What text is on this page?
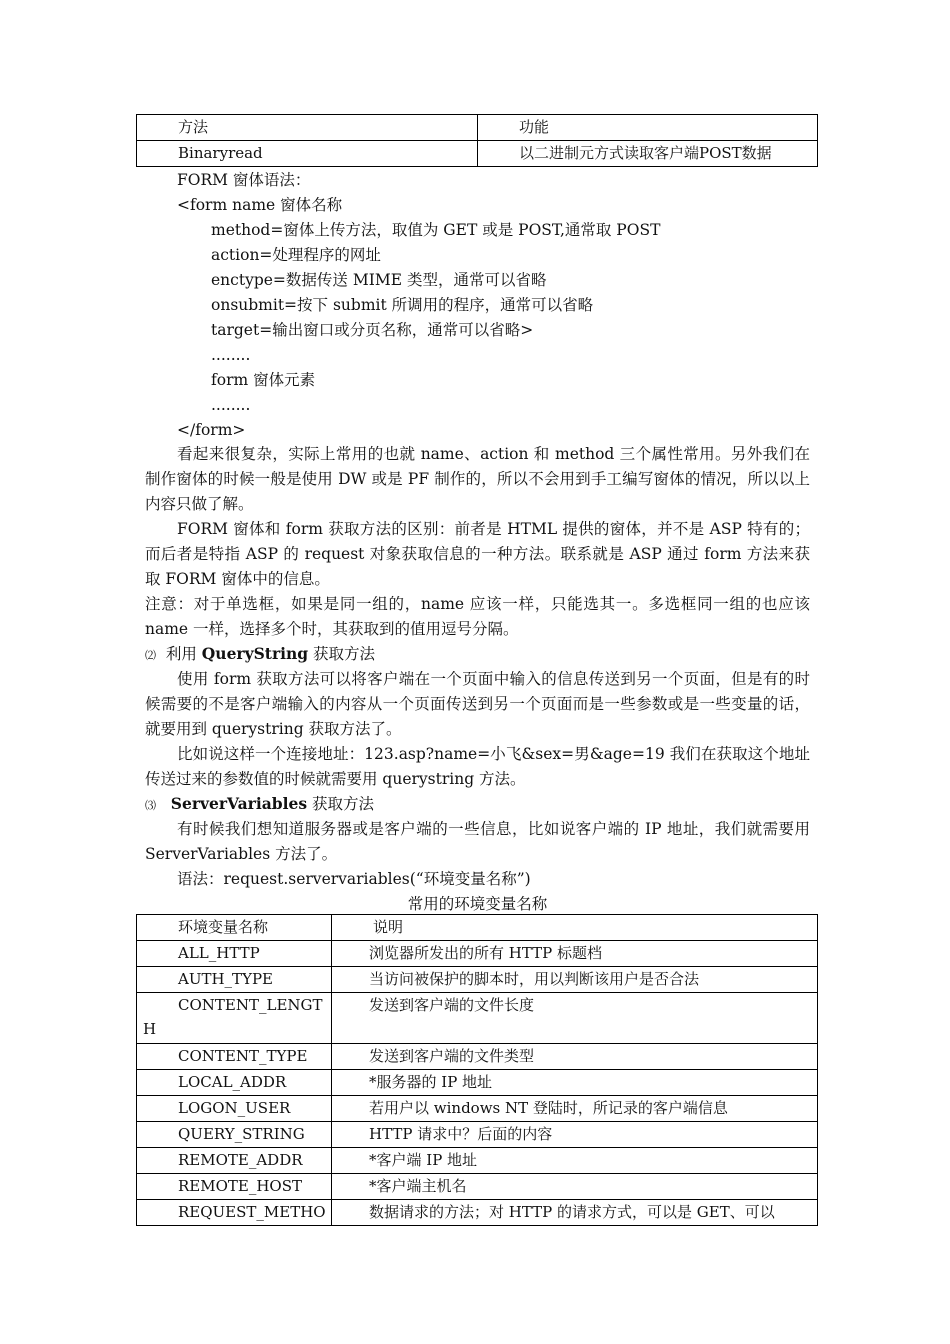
方法	功能
Binaryread	以二进制元方式读取客户端POST数据
FORM 窗体语法：
<form name 窗体名称
method=窗体上传方法，取值为 GET 或是 POST,通常取 POST
action=处理程序的网址
enctype=数据传送 MIME 类型，通常可以省略
onsubmit=按下 submit 所调用的程序，通常可以省略
target=输出窗口或分页名称，通常可以省略>
........
form 窗体元素
........
</form>
看起来很复杂，实际上常用的也就 name、action 和 method 三个属性常用。另外我们在制作窗体的时候一般是使用 DW 或是 PF 制作的，所以不会用到手工编写窗体的情况，所以以上内容只做了解。
FORM 窗体和 form 获取方法的区别：前者是 HTML 提供的窗体，并不是 ASP 特有的；而后者是特指 ASP 的 request 对象获取信息的一种方法。联系就是 ASP 通过 form 方法来获取 FORM 窗体中的信息。
注意：对于单选框，如果是同一组的，name 应该一样，只能选其一。多选框同一组的也应该 name 一样，选择多个时，其获取到的值用逗号分隔。
⑵ 利用 QueryString 获取方法
使用 form 获取方法可以将客户端在一个页面中输入的信息传送到另一个页面，但是有的时候需要的不是客户端输入的内容从一个页面传送到另一个页面而是一些参数或是一些变量的话，就要用到 querystring 获取方法了。
比如说这样一个连接地址：123.asp?name=小飞&sex=男&age=19 我们在获取这个地址传送过来的参数值的时候就需要用 querystring 方法。
⑶ ServerVariables 获取方法
有时候我们想知道服务器或是客户端的一些信息，比如说客户端的 IP 地址，我们就需要用 ServerVariables 方法了。
语法：request.servervariables(“环境变量名称”)
常用的环境变量名称
环境变量名称	说明
ALL_HTTP	浏览器所发出的所有 HTTP 标题档
AUTH_TYPE	当访问被保护的脚本时，用以判断该用户是否合法

CONTENT_LENGT
H	发送到客户端的文件长度
CONTENT_TYPE	发送到客户端的文件类型
LOCAL_ADDR	*服务器的 IP 地址
LOGON_USER	若用户以 windows NT 登陆时，所记录的客户端信息
QUERY_STRING	HTTP 请求中？后面的内容
REMOTE_ADDR	*客户端 IP 地址
REMOTE_HOST	*客户端主机名
REQUEST_METHO	数据请求的方法；对 HTTP 的请求方式，可以是 GET、可以
